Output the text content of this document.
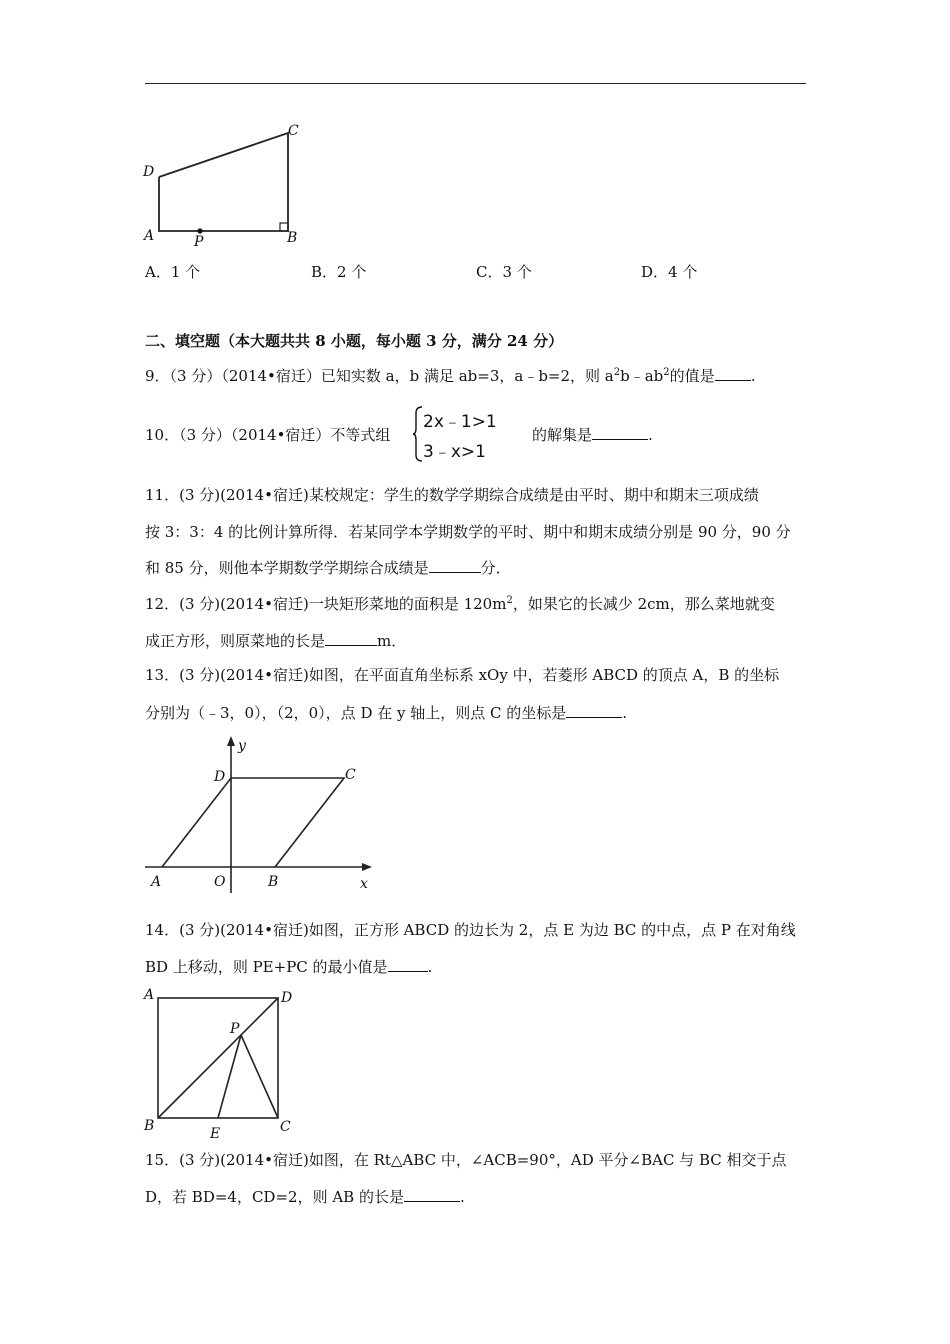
C
D
A	P	B
A．1 个	B．2 个	C．3 个	D．4 个
二、填空题（本大题共共 8 小题，每小题 3 分，满分 24 分）
9．（3 分）（2014•宿迁）已知实数 a，b 满足 ab=3，a﹣b=2，则 $a^2b﹣ab^2$的值是 .
10．（3 分）（2014•宿迁）不等式组
2x﹣1>1
3﹣x>1
的解集是	.
11．(3 分)(2014•宿迁)某校规定：学生的数学学期综合成绩是由平时、期中和期末三项成绩
按 3：3：4 的比例计算所得．若某同学本学期数学的平时、期中和期末成绩分别是 90 分，90 分
和 85 分，则他本学期数学学期综合成绩是	分．
12．(3 分)(2014•宿迁)一块矩形菜地的面积是 $120m^2$，如果它的长减少 2cm，那么菜地就变
成正方形，则原菜地的长是	m．
13．(3 分)(2014•宿迁)如图，在平面直角坐标系 xOy 中，若菱形 ABCD 的顶点 A，B 的坐标
分别为（﹣3，0），（2，0），点 D 在 y 轴上，则点 C 的坐标是	.
y
D	C
A	O	B	x
14．(3 分)(2014•宿迁)如图，正方形 ABCD 的边长为 2，点 E 为边 BC 的中点，点 P 在对角线
BD 上移动，则 PE+PC 的最小值是	.
A	D
P
B	E	C
15．(3 分)(2014•宿迁)如图，在 Rt△ABC 中，∠ACB=90°，AD 平分∠BAC 与 BC 相交于点
D，若 BD=4，CD=2，则 AB 的长是	.
